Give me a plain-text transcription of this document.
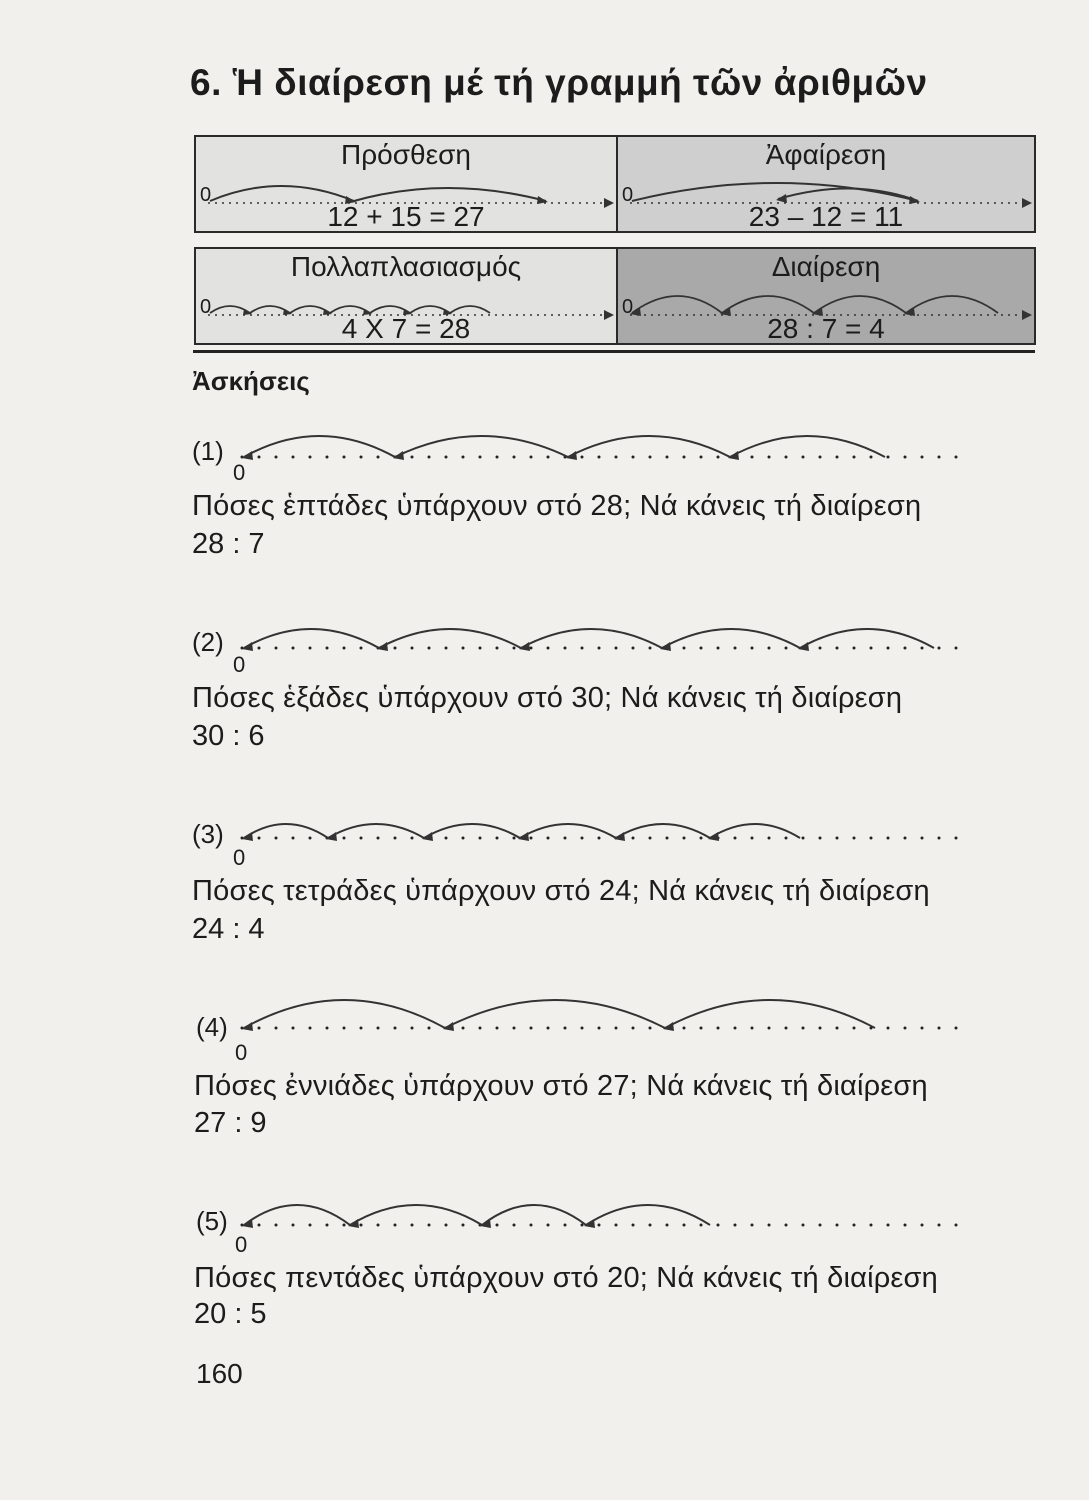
6. Ἡ διαίρεση μέ τή γραμμή τῶν ἀριθμῶν
0
Πρόσθεση
12 + 15 = 27
0
Ἀφαίρεση
23 – 12 = 11
0
Πολλαπλασιασμός
4 Χ 7 = 28
0
Διαίρεση
28 : 7 = 4
Ἀσκήσεις
(1)
0
Πόσες ἑπτάδες ὑπάρχουν στό 28; Νά κάνεις τή διαίρεση
28 : 7
(2)
0
Πόσες ἑξάδες ὑπάρχουν στό 30; Νά κάνεις τή διαίρεση
30 : 6
(3)
0
Πόσες τετράδες ὑπάρχουν στό 24; Νά κάνεις τή διαίρεση
24 : 4
(4)
0
Πόσες ἐννιάδες ὑπάρχουν στό 27; Νά κάνεις τή διαίρεση
27 : 9
(5)
0
Πόσες πεντάδες ὑπάρχουν στό 20; Νά κάνεις τή διαίρεση
20 : 5
160
